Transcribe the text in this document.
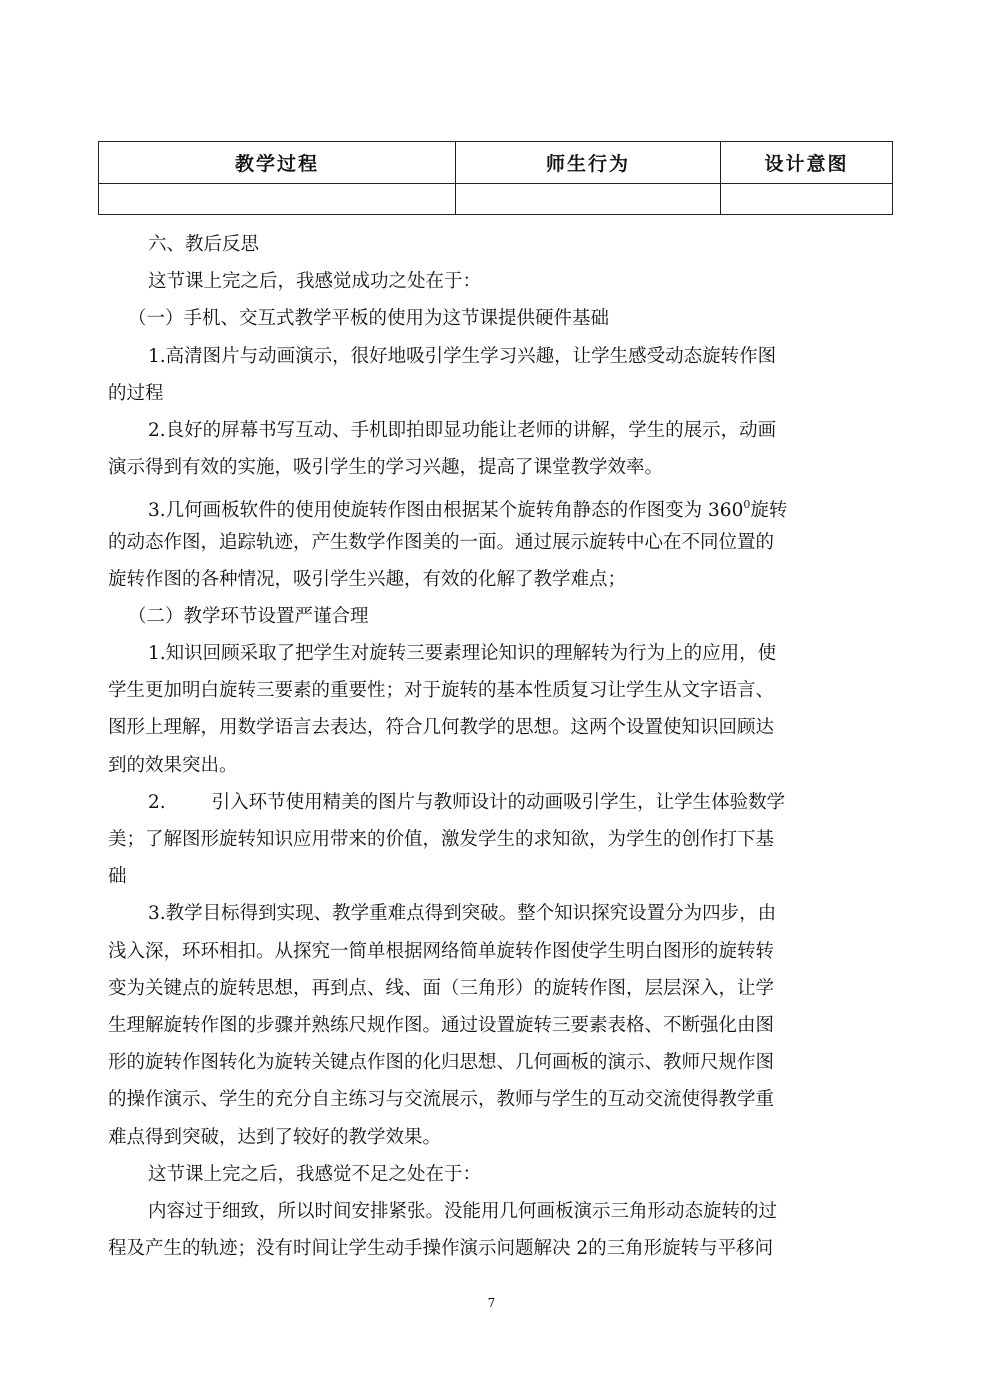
教学过程	师生行为	设计意图

六、教后反思
这节课上完之后，我感觉成功之处在于：
（一）手机、交互式教学平板的使用为这节课提供硬件基础
1.高清图片与动画演示，很好地吸引学生学习兴趣，让学生感受动态旋转作图
的过程
2.良好的屏幕书写互动、手机即拍即显功能让老师的讲解，学生的展示，动画
演示得到有效的实施，吸引学生的学习兴趣，提高了课堂教学效率。
3.几何画板软件的使用使旋转作图由根据某个旋转角静态的作图变为 $360^0$旋转
的动态作图，追踪轨迹，产生数学作图美的一面。通过展示旋转中心在不同位置的
旋转作图的各种情况，吸引学生兴趣，有效的化解了教学难点；
（二）教学环节设置严谨合理
1.知识回顾采取了把学生对旋转三要素理论知识的理解转为行为上的应用，使
学生更加明白旋转三要素的重要性；对于旋转的基本性质复习让学生从文字语言、
图形上理解，用数学语言去表达，符合几何教学的思想。这两个设置使知识回顾达
到的效果突出。
2. 引入环节使用精美的图片与教师设计的动画吸引学生，让学生体验数学
美；了解图形旋转知识应用带来的价值，激发学生的求知欲，为学生的创作打下基
础
3.教学目标得到实现、教学重难点得到突破。整个知识探究设置分为四步，由
浅入深，环环相扣。从探究一简单根据网络简单旋转作图使学生明白图形的旋转转
变为关键点的旋转思想，再到点、线、面（三角形）的旋转作图，层层深入，让学
生理解旋转作图的步骤并熟练尺规作图。通过设置旋转三要素表格、不断强化由图
形的旋转作图转化为旋转关键点作图的化归思想、几何画板的演示、教师尺规作图
的操作演示、学生的充分自主练习与交流展示，教师与学生的互动交流使得教学重
难点得到突破，达到了较好的教学效果。
这节课上完之后，我感觉不足之处在于：
内容过于细致，所以时间安排紧张。没能用几何画板演示三角形动态旋转的过
程及产生的轨迹；没有时间让学生动手操作演示问题解决 2的三角形旋转与平移问
7
